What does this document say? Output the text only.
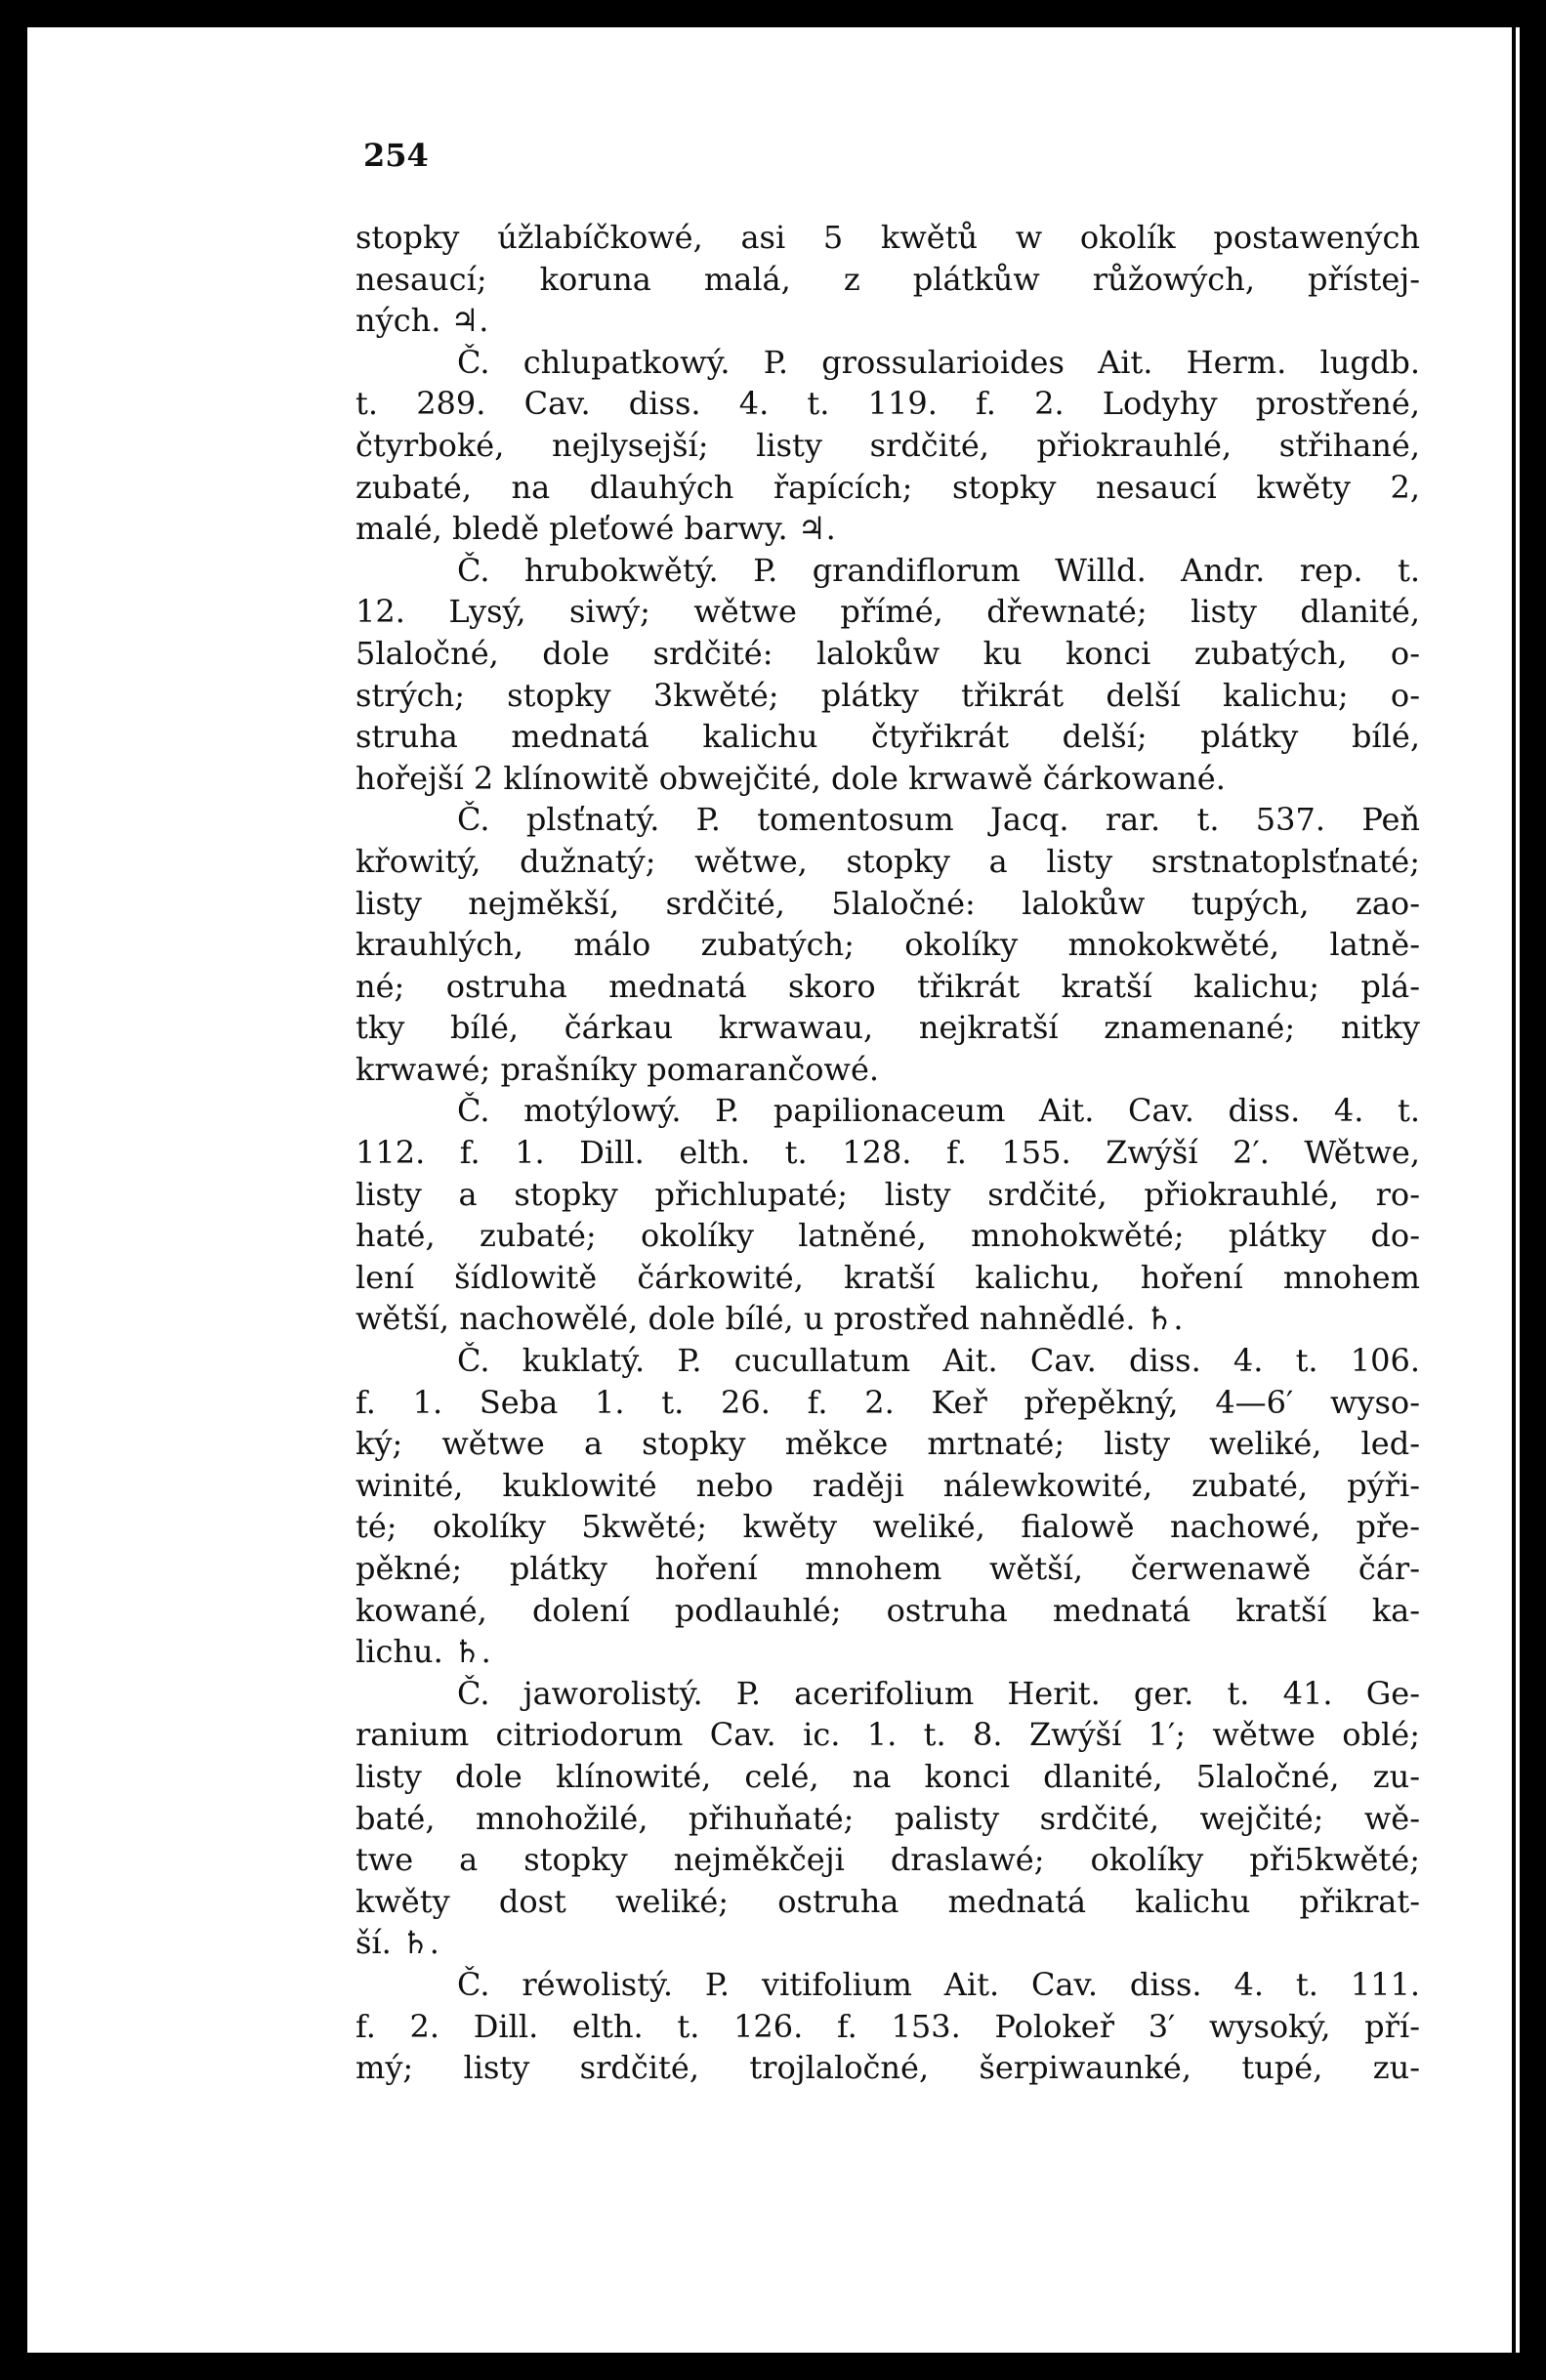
254
stopky úžlabíčkowé, asi 5 kwětů w okolík postawených
nesaucí; koruna malá, z plátkůw růžowých, přístej-
ných. ♃.
Č. chlupatkowý. P. grossularioides Ait. Herm. lugdb.
t. 289. Cav. diss. 4. t. 119. f. 2. Lodyhy prostřené,
čtyrboké, nejlysejší; listy srdčité, přiokrauhlé, střihané,
zubaté, na dlauhých řapících; stopky nesaucí kwěty 2,
malé, bledě pleťowé barwy. ♃.
Č. hrubokwětý. P. grandiflorum Willd. Andr. rep. t.
12. Lysý, siwý; wětwe přímé, dřewnaté; listy dlanité,
5laločné, dole srdčité: lalokůw ku konci zubatých, o-
strých; stopky 3kwěté; plátky třikrát delší kalichu; o-
struha mednatá kalichu čtyřikrát delší; plátky bílé,
hořejší 2 klínowitě obwejčité, dole krwawě čárkowané.
Č. plsťnatý. P. tomentosum Jacq. rar. t. 537. Peň
křowitý, dužnatý; wětwe, stopky a listy srstnatoplsťnaté;
listy nejměkší, srdčité, 5laločné: lalokůw tupých, zao-
krauhlých, málo zubatých; okolíky mnokokwěté, latně-
né; ostruha mednatá skoro třikrát kratší kalichu; plá-
tky bílé, čárkau krwawau, nejkratší znamenané; nitky
krwawé; prašníky pomarančowé.
Č. motýlowý. P. papilionaceum Ait. Cav. diss. 4. t.
112. f. 1. Dill. elth. t. 128. f. 155. Zwýší 2′. Wětwe,
listy a stopky přichlupaté; listy srdčité, přiokrauhlé, ro-
haté, zubaté; okolíky latněné, mnohokwěté; plátky do-
lení šídlowitě čárkowité, kratší kalichu, hoření mnohem
wětší, nachowělé, dole bílé, u prostřed nahnědlé. ♄.
Č. kuklatý. P. cucullatum Ait. Cav. diss. 4. t. 106.
f. 1. Seba 1. t. 26. f. 2. Keř přepěkný, 4—6′ wyso-
ký; wětwe a stopky měkce mrtnaté; listy weliké, led-
winité, kuklowité nebo raději nálewkowité, zubaté, pýři-
té; okolíky 5kwěté; kwěty weliké, fialowě nachowé, pře-
pěkné; plátky hoření mnohem wětší, čerwenawě čár-
kowané, dolení podlauhlé; ostruha mednatá kratší ka-
lichu. ♄.
Č. jaworolistý. P. acerifolium Herit. ger. t. 41. Ge-
ranium citriodorum Cav. ic. 1. t. 8. Zwýší 1′; wětwe oblé;
listy dole klínowité, celé, na konci dlanité, 5laločné, zu-
baté, mnohožilé, přihuňaté; palisty srdčité, wejčité; wě-
twe a stopky nejměkčeji draslawé; okolíky při5kwěté;
kwěty dost weliké; ostruha mednatá kalichu přikrat-
ší. ♄.
Č. réwolistý. P. vitifolium Ait. Cav. diss. 4. t. 111.
f. 2. Dill. elth. t. 126. f. 153. Polokeř 3′ wysoký, pří-
mý; listy srdčité, trojlaločné, šerpiwaunké, tupé, zu-
